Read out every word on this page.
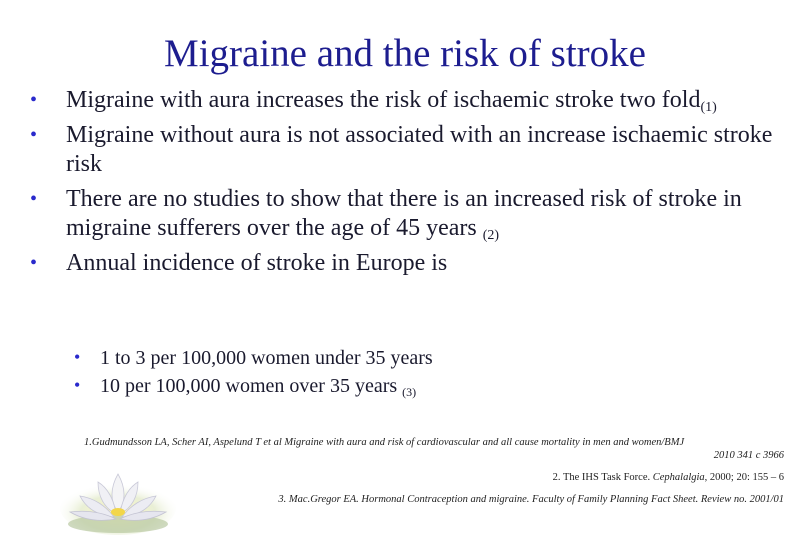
Migraine and the risk of stroke
•	Migraine with aura increases the risk of ischaemic stroke two fold$_{(1)}$
•	Migraine without aura is not associated with an increase ischaemic stroke risk
•	There are no studies to show that there is an increased risk of stroke in migraine sufferers over the age of 45 years $_{(2)}$
•	Annual incidence of stroke in Europe is
• 1 to 3 per 100,000 women under 35 years
• 10 per 100,000 women over 35 years $_{(3)}$
1.Gudmundsson LA, Scher AI, Aspelund T et al Migraine with aura and risk of cardiovascular and all cause mortality in men and women/BMJ
2010 341 c 3966
2. The IHS Task Force. Cephalalgia, 2000; 20: 155 – 6
3. Mac.Gregor EA. Hormonal Contraception and migraine. Faculty of Family Planning Fact Sheet. Review no. 2001/01
